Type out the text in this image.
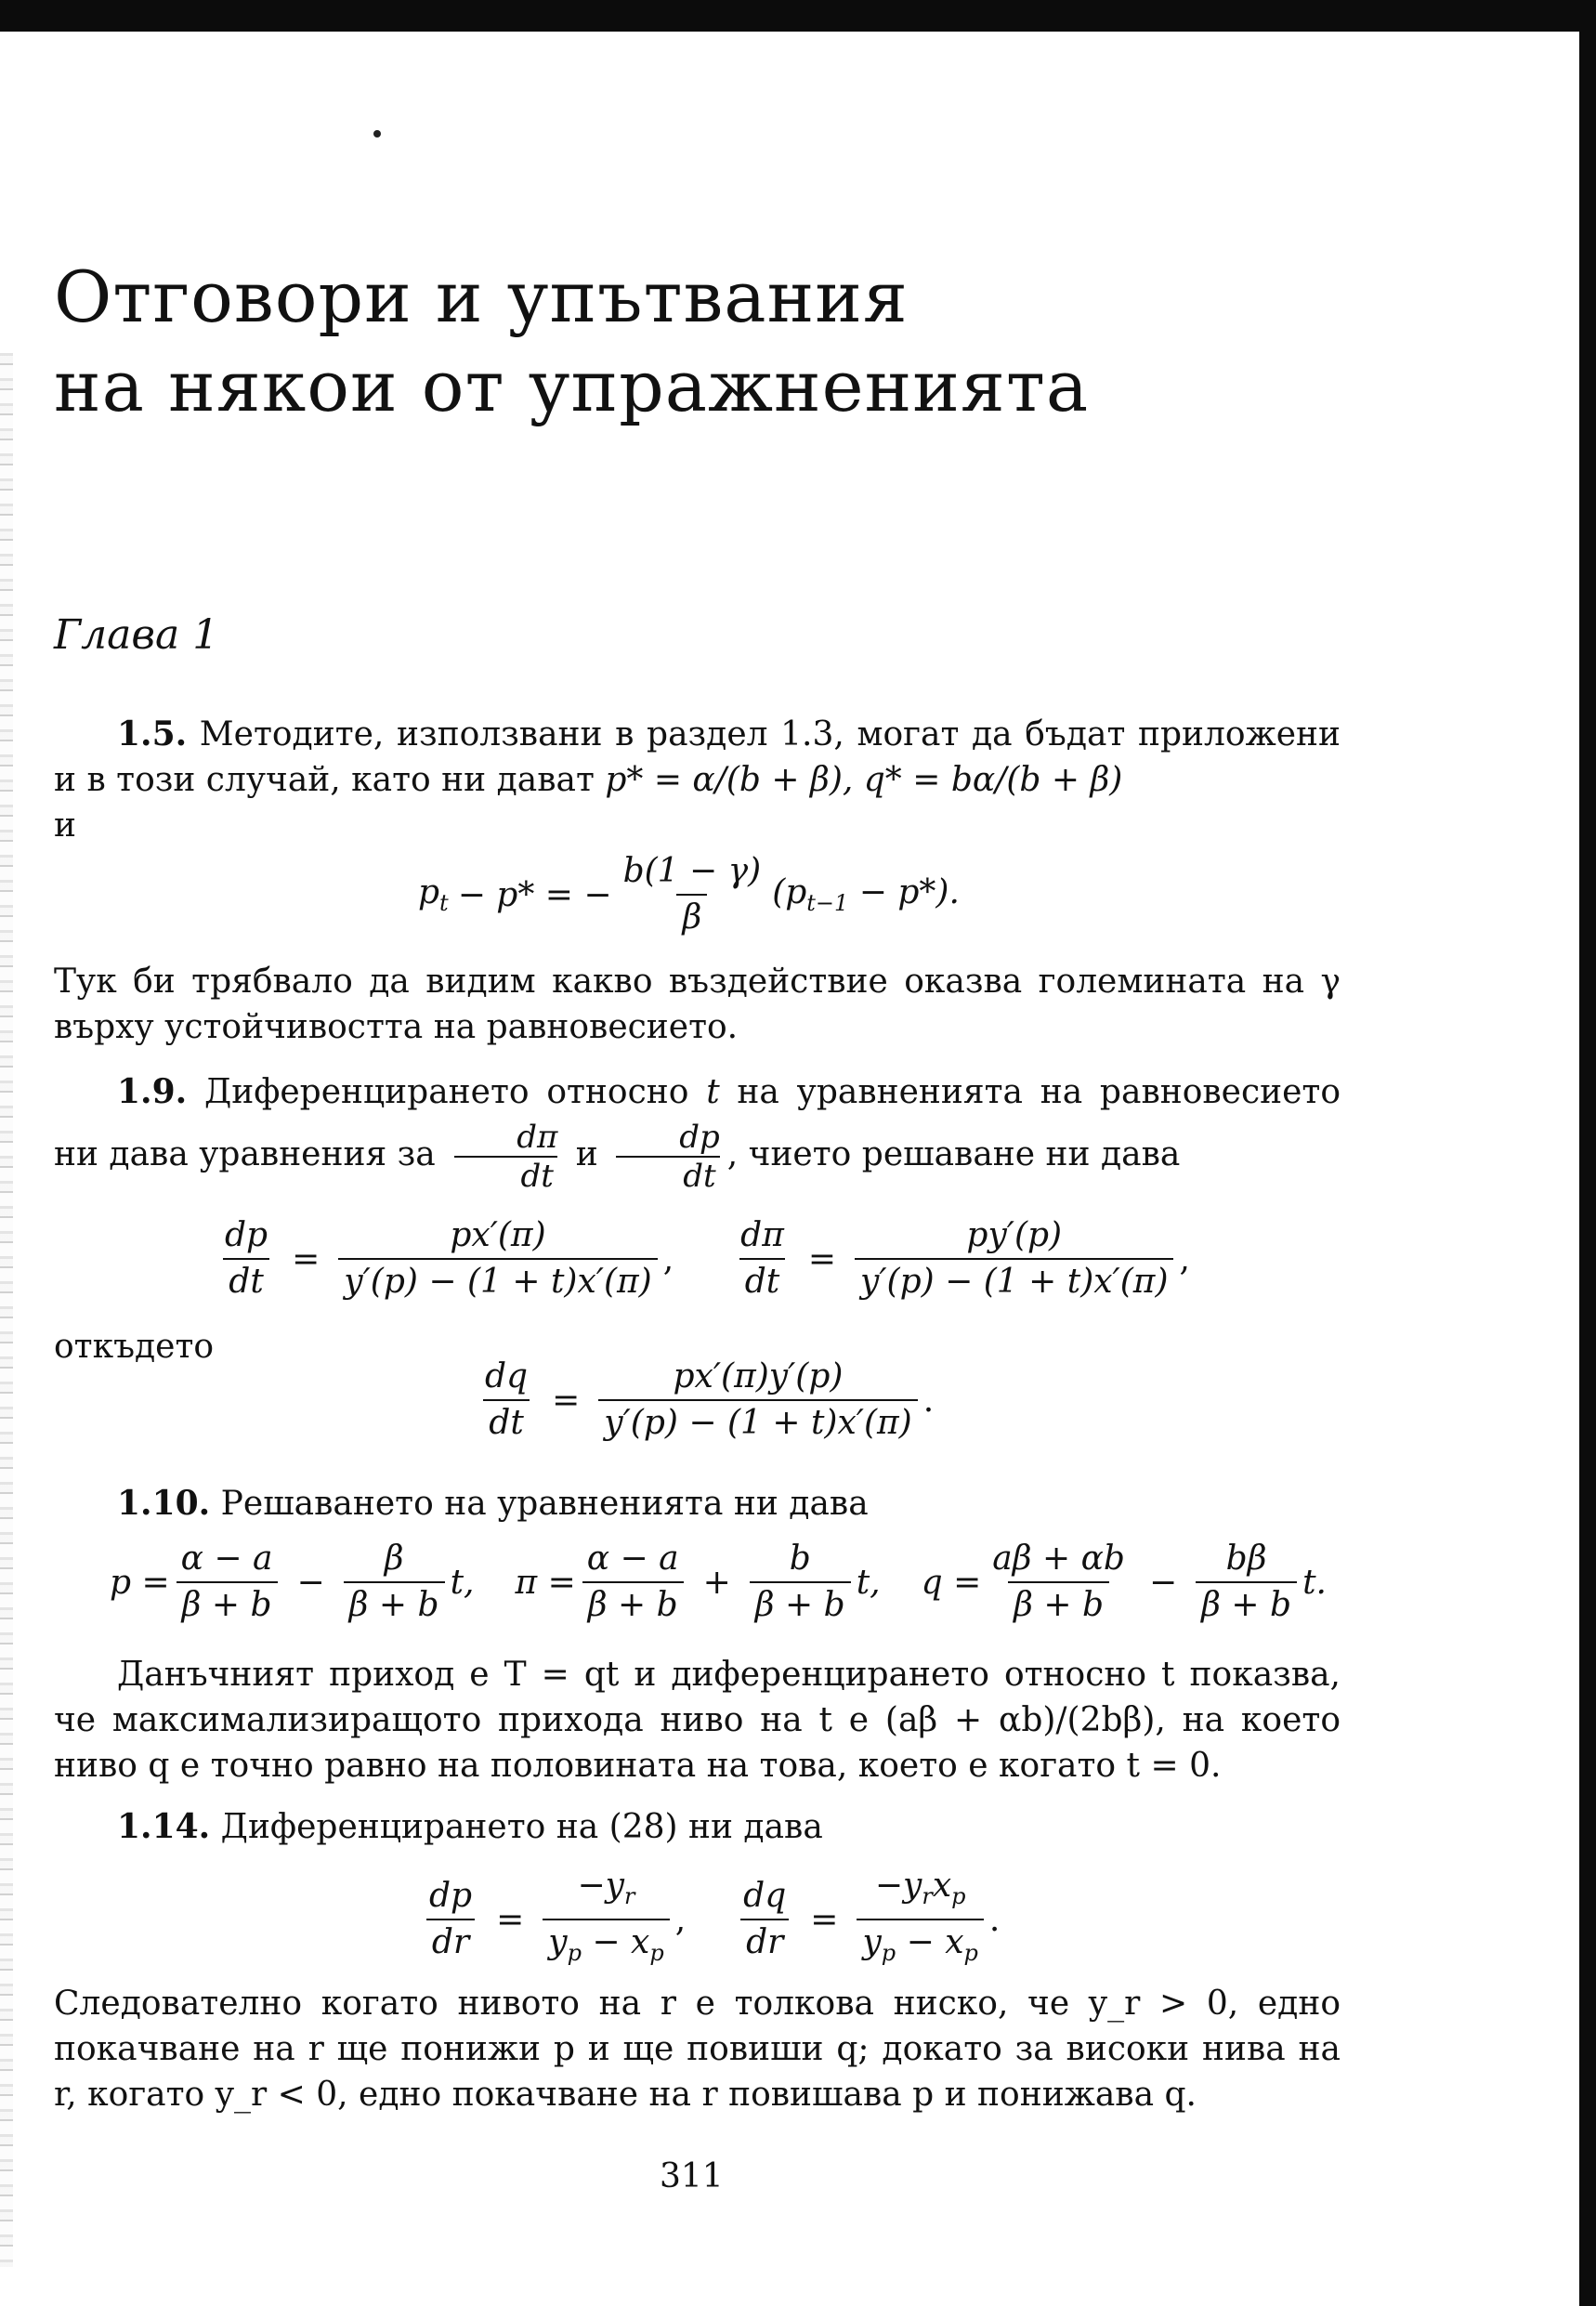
Отговори и упътвания
на някои от упражненията
Глава 1

1.5. Методите, използвани в раздел 1.3, могат да бъдат приложени и в този случай, като ни дават p* = α/(b + β), q* = bα/(b + β)
и

$p_t - p*$ = − $\frac{b(1 - \gamma)}{\beta} (p_{t-1} - p*)$.

Тук би трябвало да видим какво въздействие оказва големината на γ върху устойчивостта на равновесието.

1.9. Диференцирането относно t на уравненията на равновесието ни дава уравнения за $\frac{d\pi}{dt}$ и $\frac{dp}{dt}$ , чието решаване ни дава

$\frac{dp}{dt} = \frac{px'(\pi)}{y'(p) - (1 + t)x'(\pi)}$ , $\frac{d\pi}{dt} = \frac{py'(p)}{y'(p) - (1 + t)x'(\pi)}$ ,

откъдето

$\frac{dq}{dt} = \frac{px'(\pi)y'(p)}{y'(p) - (1 + t)x'(\pi)}$ .

1.10. Решаването на уравненията ни дава

$p = \frac{\alpha - a}{\beta + b} - \frac{\beta}{\beta + b} t$, $\pi = \frac{\alpha - a}{\beta + b} + \frac{b}{\beta + b} t$, $q = \frac{a\beta + \alpha b}{\beta + b} - \frac{b\beta}{\beta + b} t$.

Данъчният приход е T = qt и диференцирането относно t показва, че максимализиращото прихода ниво на t е (aβ + αb)/(2bβ), на което ниво q е точно равно на половината на това, което е когато t = 0.

1.14. Диференцирането на (28) ни дава

$\frac{dp}{dr} = \frac{-y_r}{y_p - x_p}$ , $\frac{dq}{dr} = \frac{-y_rx_p}{y_p - x_p}$ .

Следователно когато нивото на r е толкова ниско, че y_r > 0, едно покачване на r ще понижи p и ще повиши q; докато за високи нива на r, когато y_r < 0, едно покачване на r повишава p и понижава q.

311
